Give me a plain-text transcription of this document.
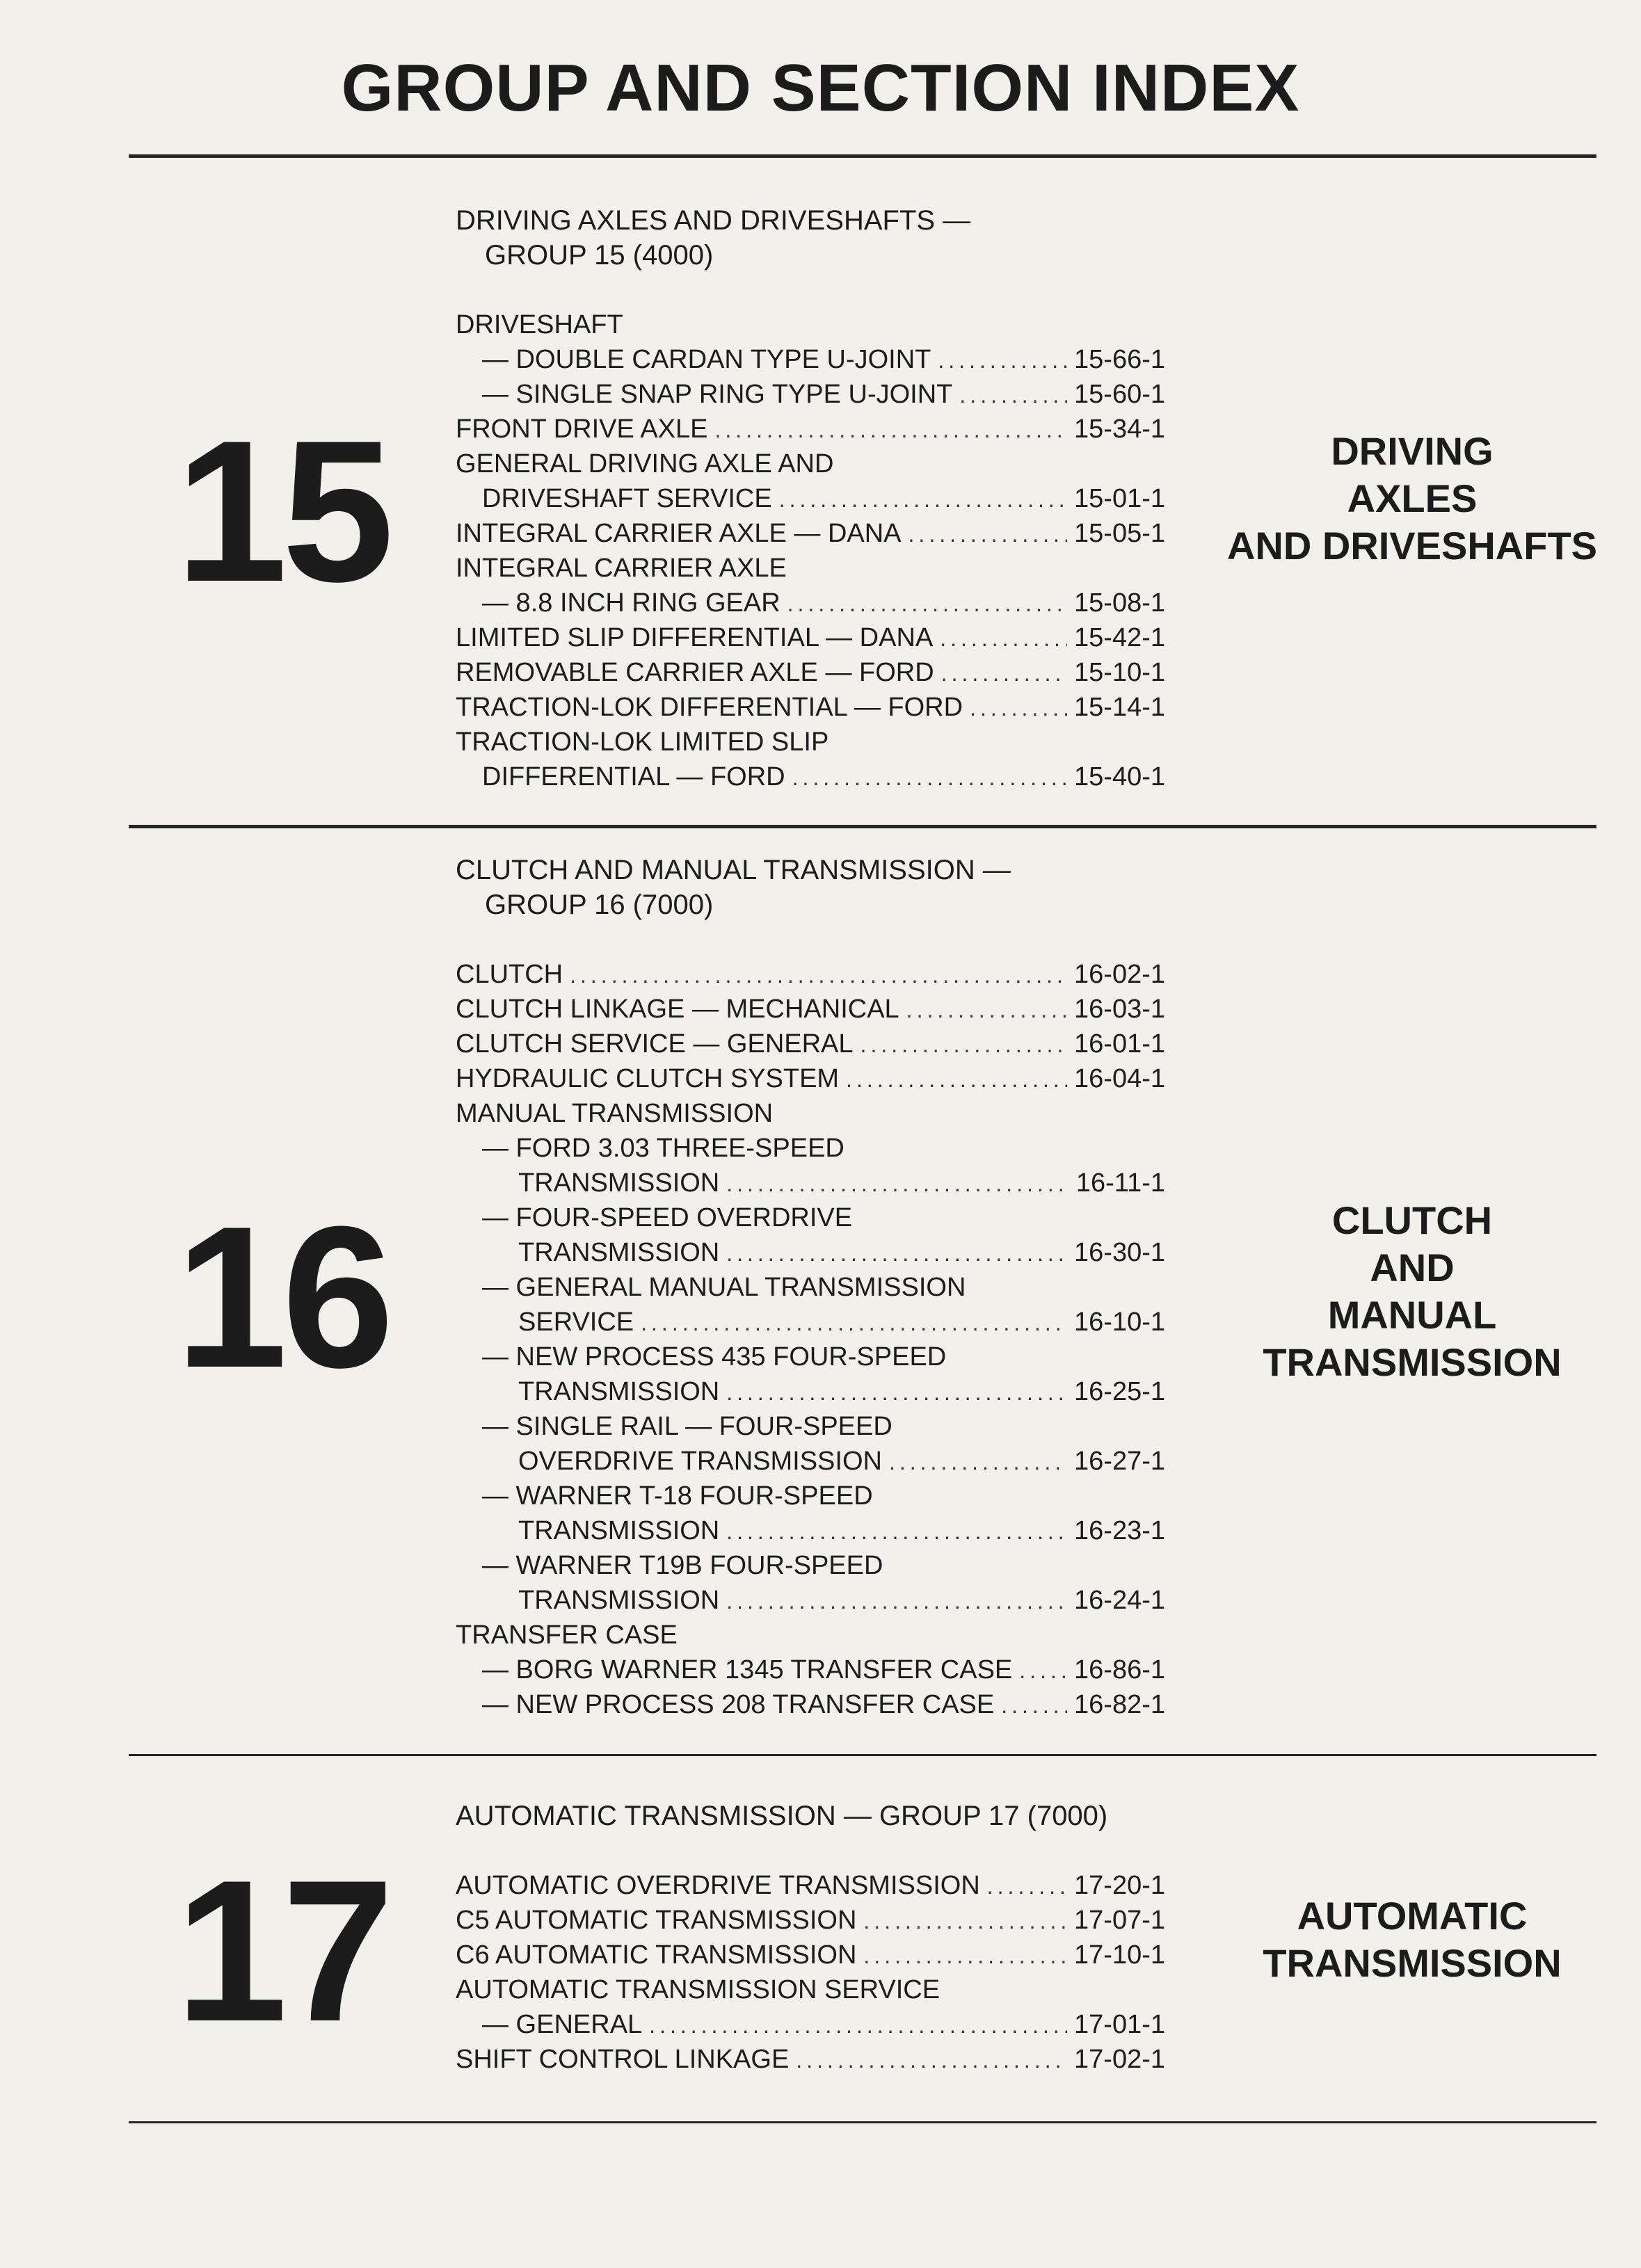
GROUP AND SECTION INDEX
15	DRIVING
AXLES
AND DRIVESHAFTS
DRIVING AXLES AND DRIVESHAFTS —
GROUP 15 (4000)
DRIVESHAFT
— DOUBLE CARDAN TYPE U-JOINT .....	15-66-1
— SINGLE SNAP RING TYPE U-JOINT .....	15-60-1
FRONT DRIVE AXLE .....	15-34-1
GENERAL DRIVING AXLE AND
DRIVESHAFT SERVICE .....	15-01-1
INTEGRAL CARRIER AXLE — DANA .....	15-05-1
INTEGRAL CARRIER AXLE
— 8.8 INCH RING GEAR .....	15-08-1
LIMITED SLIP DIFFERENTIAL — DANA .....	15-42-1
REMOVABLE CARRIER AXLE — FORD .....	15-10-1
TRACTION-LOK DIFFERENTIAL — FORD .....	15-14-1
TRACTION-LOK LIMITED SLIP
DIFFERENTIAL — FORD .....	15-40-1
16	CLUTCH
AND
MANUAL
TRANSMISSION
CLUTCH AND MANUAL TRANSMISSION —
GROUP 16 (7000)
CLUTCH .....	16-02-1
CLUTCH LINKAGE — MECHANICAL .....	16-03-1
CLUTCH SERVICE — GENERAL .....	16-01-1
HYDRAULIC CLUTCH SYSTEM .....	16-04-1
MANUAL TRANSMISSION
— FORD 3.03 THREE-SPEED
TRANSMISSION .....	16-11-1
— FOUR-SPEED OVERDRIVE
TRANSMISSION .....	16-30-1
— GENERAL MANUAL TRANSMISSION
SERVICE .....	16-10-1
— NEW PROCESS 435 FOUR-SPEED
TRANSMISSION .....	16-25-1
— SINGLE RAIL — FOUR-SPEED
OVERDRIVE TRANSMISSION .....	16-27-1
— WARNER T-18 FOUR-SPEED
TRANSMISSION .....	16-23-1
— WARNER T19B FOUR-SPEED
TRANSMISSION .....	16-24-1
TRANSFER CASE
— BORG WARNER 1345 TRANSFER CASE ..... 16-86-1
— NEW PROCESS 208 TRANSFER CASE .....	16-82-1
17	AUTOMATIC
TRANSMISSION
AUTOMATIC TRANSMISSION — GROUP 17 (7000)
AUTOMATIC OVERDRIVE TRANSMISSION .....	17-20-1
C5 AUTOMATIC TRANSMISSION .....	17-07-1
C6 AUTOMATIC TRANSMISSION .....	17-10-1
AUTOMATIC TRANSMISSION SERVICE
— GENERAL .....	17-01-1
SHIFT CONTROL LINKAGE .....	17-02-1
